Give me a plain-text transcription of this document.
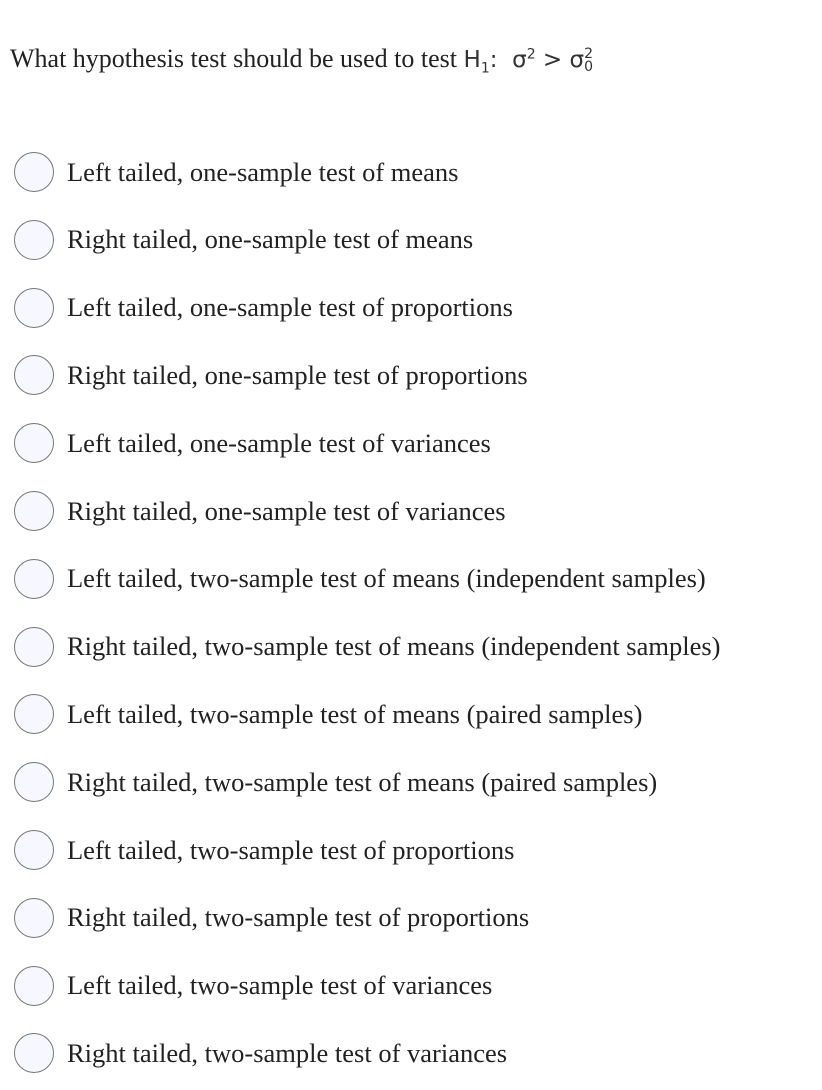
What hypothesis test should be used to test $H_1$: $\sigma^2 > \sigma$ 2
0
Left tailed, one-sample test of means
Right tailed, one-sample test of means
Left tailed, one-sample test of proportions
Right tailed, one-sample test of proportions
Left tailed, one-sample test of variances
Right tailed, one-sample test of variances
Left tailed, two-sample test of means (independent samples)
Right tailed, two-sample test of means (independent samples)
Left tailed, two-sample test of means (paired samples)
Right tailed, two-sample test of means (paired samples)
Left tailed, two-sample test of proportions
Right tailed, two-sample test of proportions
Left tailed, two-sample test of variances
Right tailed, two-sample test of variances
